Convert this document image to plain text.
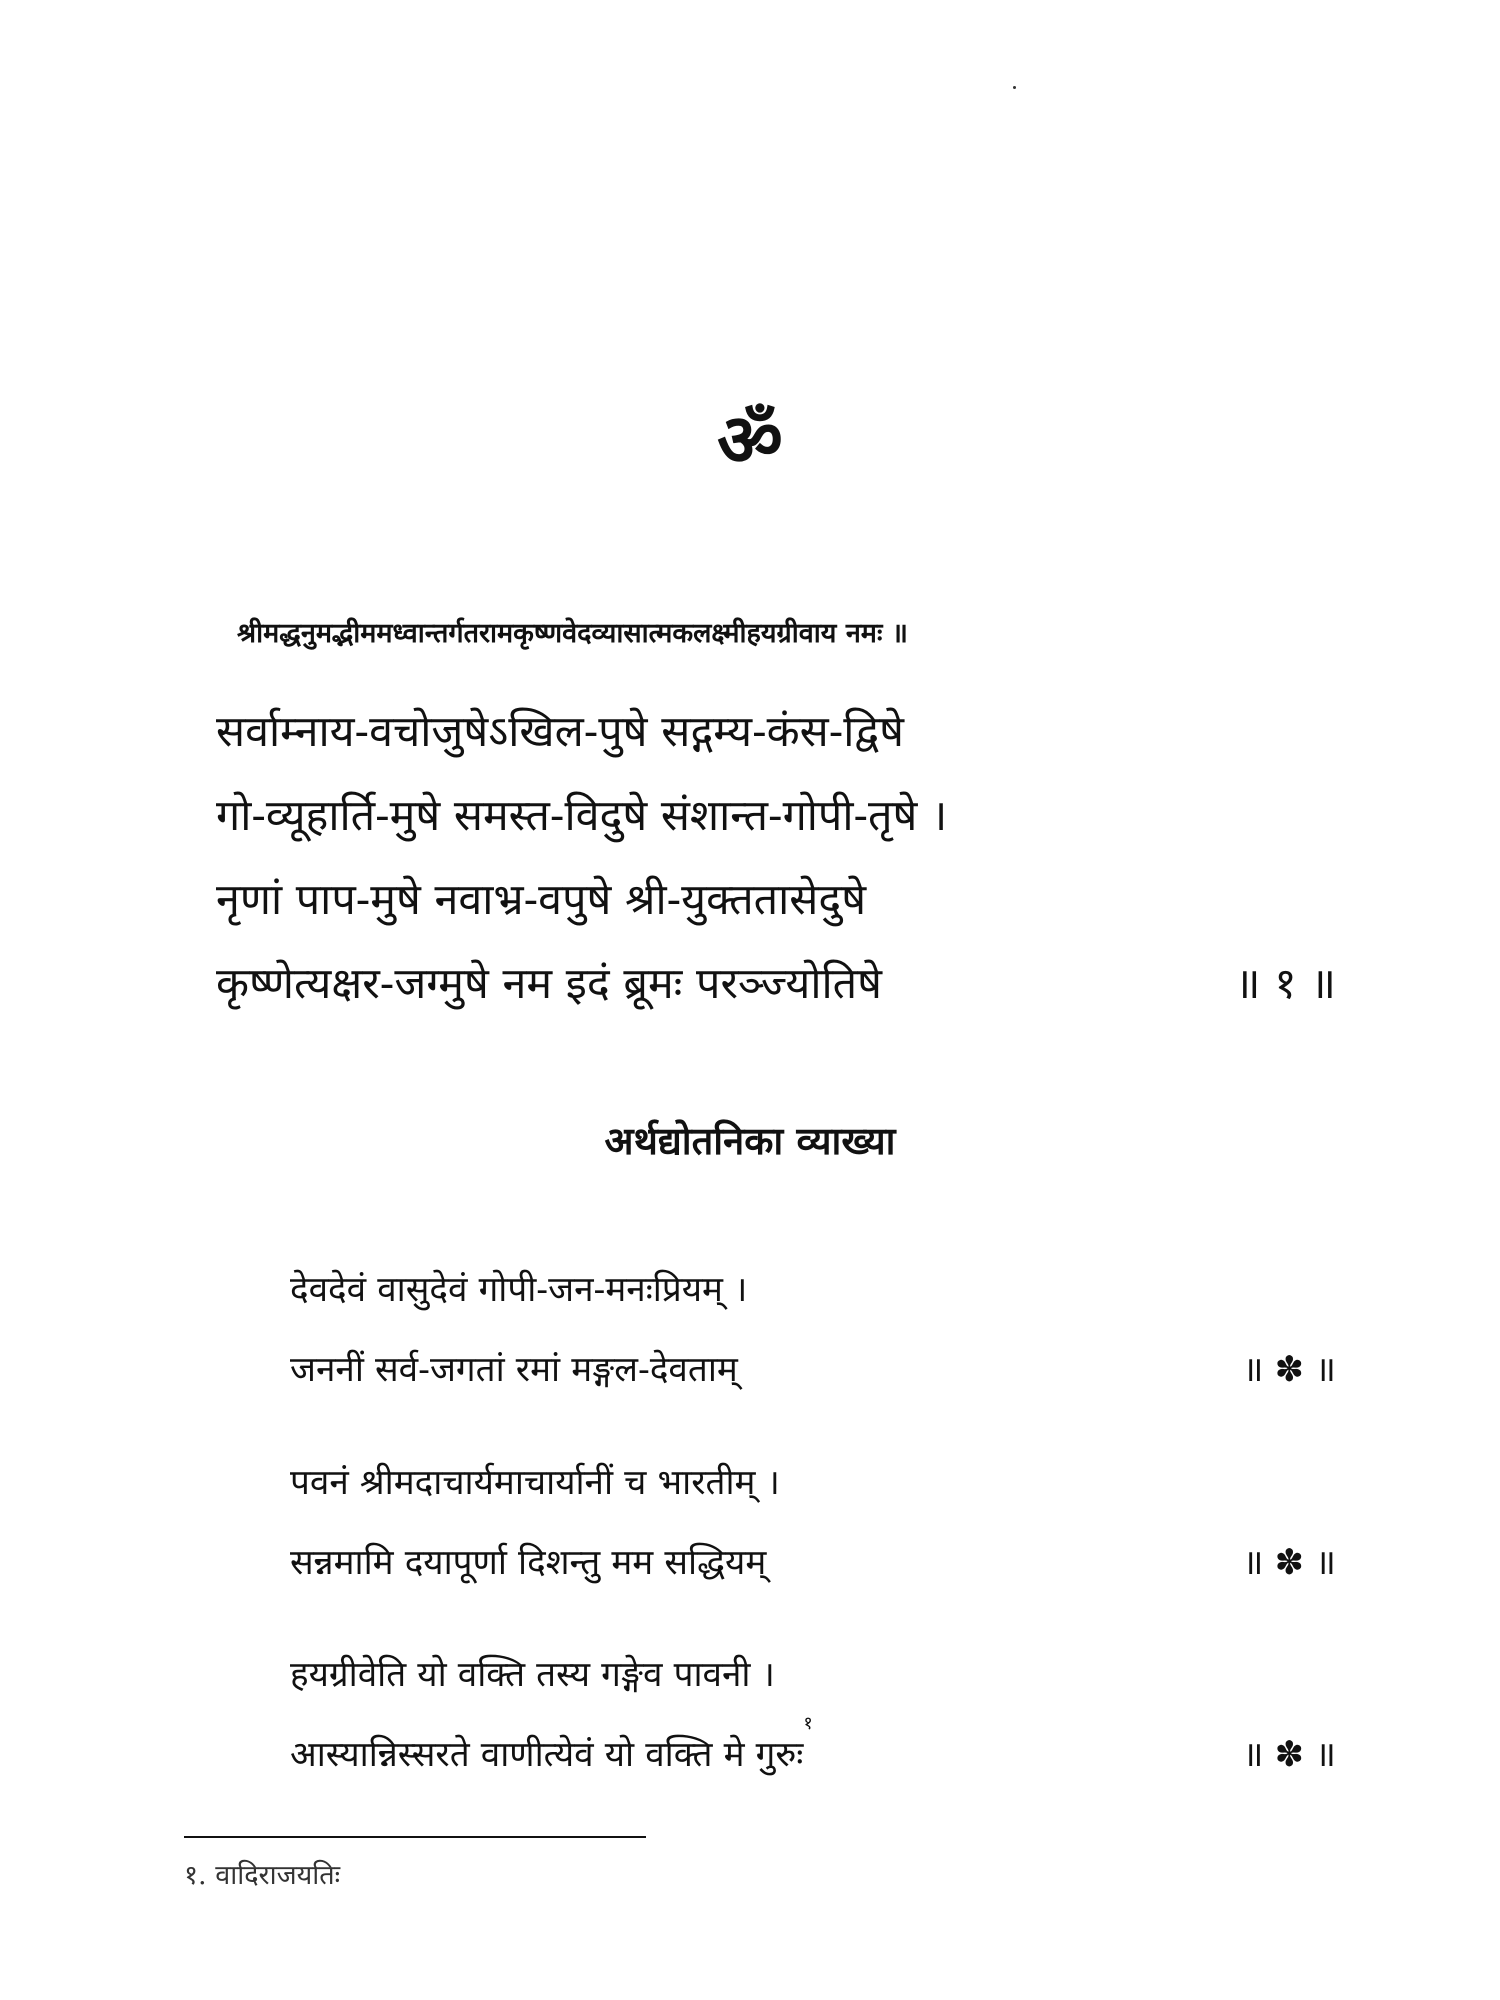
ॐ
श्रीमद्धनुमद्भीममध्वान्तर्गतरामकृष्णवेदव्यासात्मकलक्ष्मीहयग्रीवाय नमः ॥
सर्वाम्नाय-वचोजुषेऽखिल-पुषे सद्गम्य-कंस-द्विषे
गो-व्यूहार्ति-मुषे समस्त-विदुषे संशान्त-गोपी-तृषे ।
नृणां पाप-मुषे नवाभ्र-वपुषे श्री-युक्ततासेदुषे
कृष्णेत्यक्षर-जग्मुषे नम इदं ब्रूमः परञ्ज्योतिषे	॥ १ ॥
अर्थद्योतनिका व्याख्या
देवदेवं वासुदेवं गोपी-जन-मनःप्रियम् ।
जननीं सर्व-जगतां रमां मङ्गल-देवताम्	॥ ✽ ॥
पवनं श्रीमदाचार्यमाचार्यानीं च भारतीम् ।
सन्नमामि दयापूर्णा दिशन्तु मम सद्धियम्	॥ ✽ ॥
हयग्रीवेति यो वक्ति तस्य गङ्गेव पावनी ।
आस्यान्निस्सरते वाणीत्येवं यो वक्ति मे गुरुः$^१$
॥ ✽ ॥
१. वादिराजयतिः
